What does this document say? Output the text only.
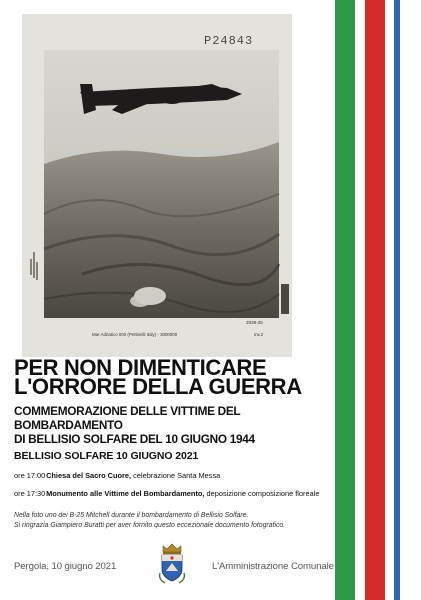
P24843
2839-25
Mar Adriatico 000 (Pettinelli Italy) - 3000000	Inv.2
PER NON DIMENTICARE
L'ORRORE DELLA GUERRA

COMMEMORAZIONE DELLE VITTIME DEL BOMBARDAMENTO
DI BELLISIO SOLFARE DEL 10 GIUGNO 1944

BELLISIO SOLFARE 10 GIUGNO 2021
ore 17:00 Chiesa del Sacro Cuore, celebrazione Santa Messa
ore 17:30 Monumento alle Vittime del Bombardamento, deposizione composizione floreale

Nella foto uno dei B-25 Mitchell durante il bombardamento di Bellisio Solfare.
Si ringrazia Giampiero Buratti per aver fornito questo eccezionale documento fotografico.

Pergola, 10 giugno 2021	L'Amministrazione Comunale
